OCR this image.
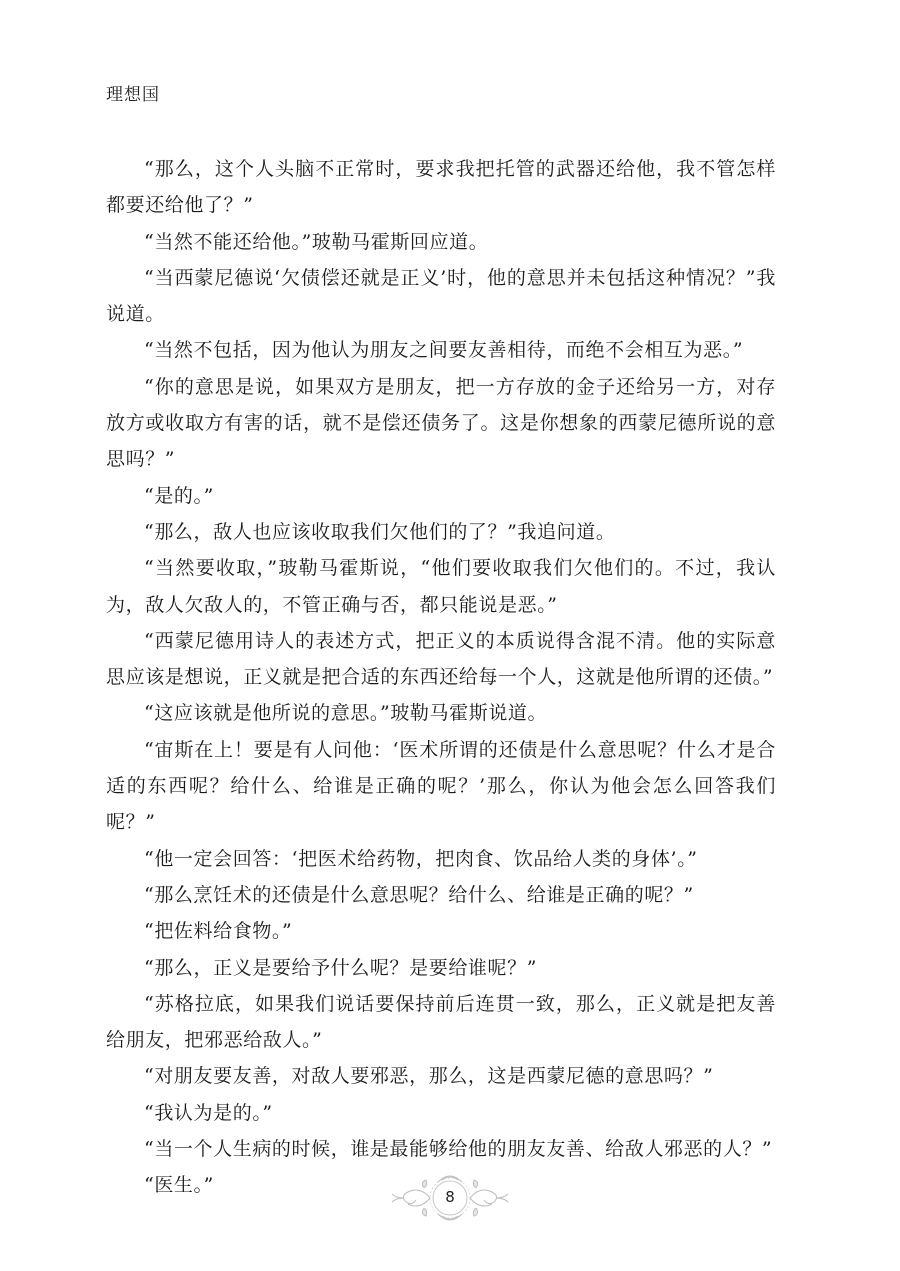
理想国

“那么，这个人头脑不正常时，要求我把托管的武器还给他，我不管怎样都要还给他了？”

“当然不能还给他。”玻勒马霍斯回应道。

“当西蒙尼德说‘欠债偿还就是正义’时，他的意思并未包括这种情况？”我说道。

“当然不包括，因为他认为朋友之间要友善相待，而绝不会相互为恶。”

“你的意思是说，如果双方是朋友，把一方存放的金子还给另一方，对存放方或收取方有害的话，就不是偿还债务了。这是你想象的西蒙尼德所说的意思吗？”

“是的。”

“那么，敌人也应该收取我们欠他们的了？”我追问道。

“当然要收取，”玻勒马霍斯说，“他们要收取我们欠他们的。不过，我认为，敌人欠敌人的，不管正确与否，都只能说是恶。”

“西蒙尼德用诗人的表述方式，把正义的本质说得含混不清。他的实际意思应该是想说，正义就是把合适的东西还给每一个人，这就是他所谓的还债。”

“这应该就是他所说的意思。”玻勒马霍斯说道。

“宙斯在上！要是有人问他：‘医术所谓的还债是什么意思呢？什么才是合适的东西呢？给什么、给谁是正确的呢？’那么，你认为他会怎么回答我们呢？”

“他一定会回答：‘把医术给药物，把肉食、饮品给人类的身体’。”

“那么烹饪术的还债是什么意思呢？给什么、给谁是正确的呢？”

“把佐料给食物。”

“那么，正义是要给予什么呢？是要给谁呢？”

“苏格拉底，如果我们说话要保持前后连贯一致，那么，正义就是把友善给朋友，把邪恶给敌人。”

“对朋友要友善，对敌人要邪恶，那么，这是西蒙尼德的意思吗？”

“我认为是的。”

“当一个人生病的时候，谁是最能够给他的朋友友善、给敌人邪恶的人？”

“医生。”

8
